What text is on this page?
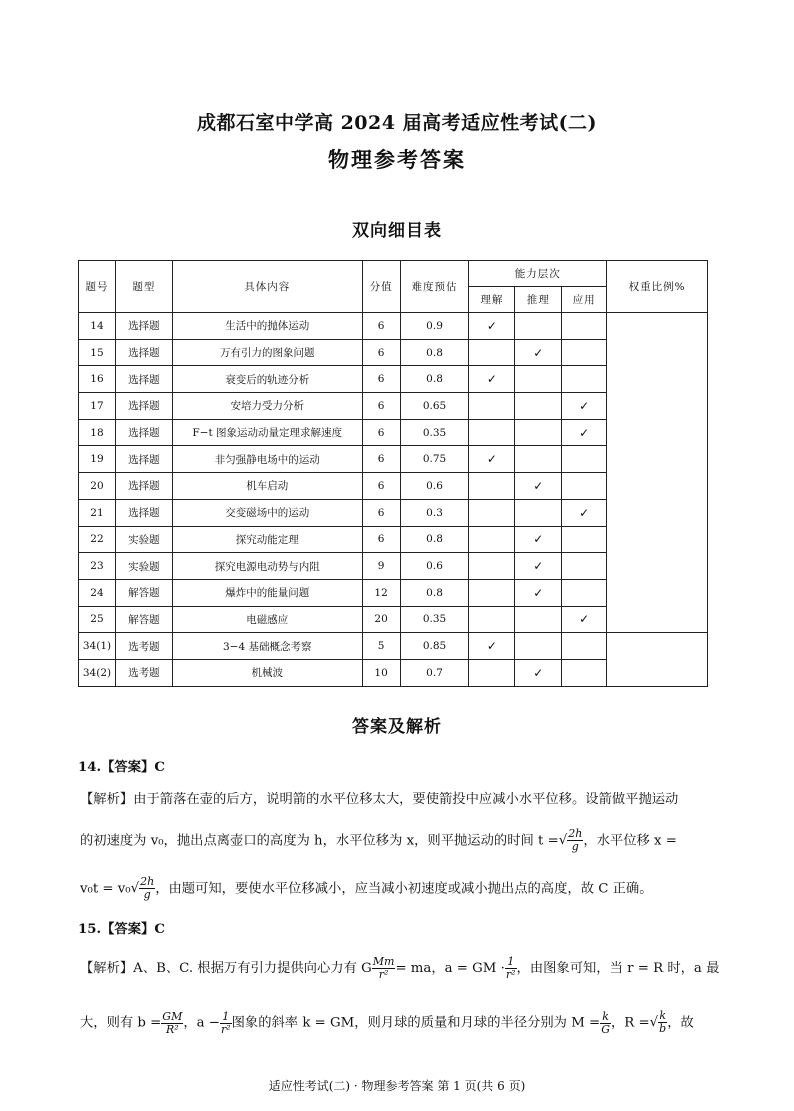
成都石室中学高 2024 届高考适应性考试(二)
物理参考答案
双向细目表
题号	题型	具体内容	分值	难度预估	能力层次			权重比例%
					理解	推理	应用	
14	选择题	生活中的抛体运动	6	0.9	✓			
15	选择题	万有引力的图象问题	6	0.8		✓		
16	选择题	衰变后的轨迹分析	6	0.8	✓			
17	选择题	安培力受力分析	6	0.65			✓	
18	选择题	F−t 图象运动动量定理求解速度	6	0.35			✓	
19	选择题	非匀强静电场中的运动	6	0.75	✓			
20	选择题	机车启动	6	0.6		✓		
21	选择题	交变磁场中的运动	6	0.3			✓	
22	实验题	探究动能定理	6	0.8		✓		
23	实验题	探究电源电动势与内阻	9	0.6		✓		
24	解答题	爆炸中的能量问题	12	0.8		✓		
25	解答题	电磁感应	20	0.35			✓	
34(1)	选考题	3−4 基础概念考察	5	0.85	✓			
34(2)	选考题	机械波	10	0.7		✓		
答案及解析
14.【答案】C
【解析】由于箭落在壶的后方，说明箭的水平位移太大，要使箭投中应减小水平位移。设箭做平抛运动
的初速度为 v₀，抛出点离壶口的高度为 h，水平位移为 x，则平抛运动的时间 t =√ $\frac{2h}{g}$ ，水平位移 x =
$v_0t = v_0√ \frac{2h}{g}$ ，由题可知，要使水平位移减小，应当减小初速度或减小抛出点的高度，故 C 正确。
15.【答案】C
【解析】A、B、C. 根据万有引力提供向心力有 G $\frac{Mm}{\text{r²}}$ = ma，a = GM · $\frac{1}{\text{r²}}$ ，由图象可知，当 r = R 时，a 最
大，则有 $b = \frac{GM}{\text{R²}}$ ，$a - \frac{1}{\text{r²}}$ 图象的斜率 k = GM，则月球的质量和月球的半径分别为 $M = \frac{k}{G}$ ，R =√ $\frac{k}{b}$ ，故
适应性考试(二) · 物理参考答案 第 1 页(共 6 页)
